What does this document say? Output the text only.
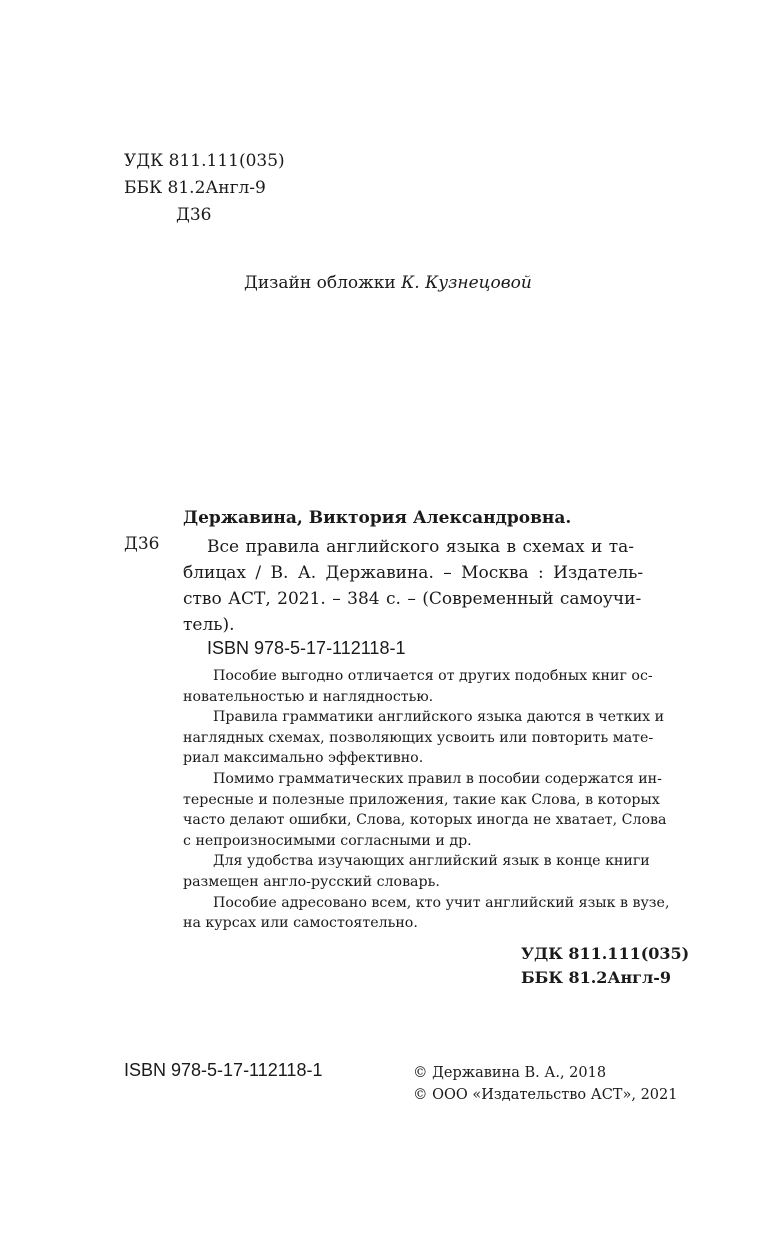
УДК 811.111(035)
ББК 81.2Англ-9
Д36
Дизайн обложки К. Кузнецовой
Державина, Виктория Александровна.
Д36	Все правила английского языка в схемах и та-
блицах / В. А. Державина. – Москва : Издатель-
ство АСТ, 2021. – 384 с. – (Современный самоучи-
тель).
ISBN 978-5-17-112118-1
Пособие выгодно отличается от других подобных книг ос-
новательностью и наглядностью.
Правила грамматики английского языка даются в четких и
наглядных схемах, позволяющих усвоить или повторить мате-
риал максимально эффективно.
Помимо грамматических правил в пособии содержатся ин-
тересные и полезные приложения, такие как Слова, в которых
часто делают ошибки, Слова, которых иногда не хватает, Слова
с непроизносимыми согласными и др.
Для удобства изучающих английский язык в конце книги
размещен англо-русский словарь.
Пособие адресовано всем, кто учит английский язык в вузе,
на курсах или самостоятельно.
УДК 811.111(035)
ББК 81.2Англ-9
ISBN 978-5-17-112118-1	© Державина В. А., 2018
© ООО «Издательство АСТ», 2021
